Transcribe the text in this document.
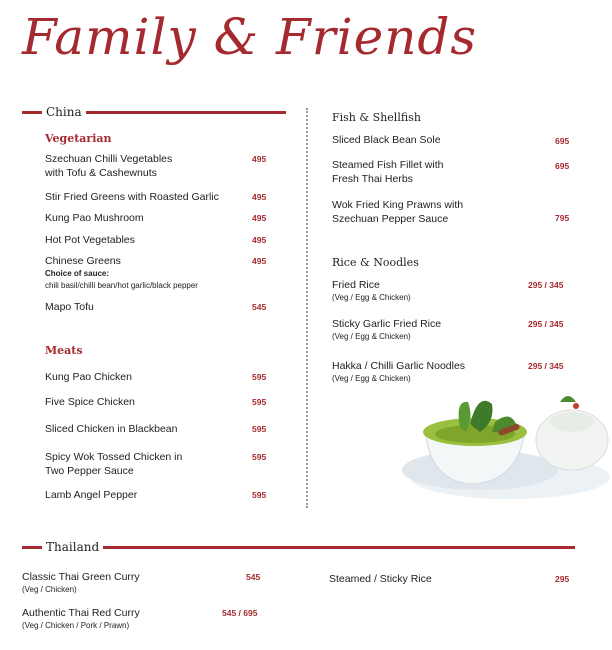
Family & Friends
China
Vegetarian
Szechuan Chilli Vegetables
with Tofu & Cashewnuts
495
Stir Fried Greens with Roasted Garlic	495
Kung Pao Mushroom	495
Hot Pot Vegetables	495
Chinese Greens
Choice of sauce:
chili basil/chilli bean/hot garlic/black pepper
495
Mapo Tofu	545
Meats
Kung Pao Chicken	595
Five Spice Chicken	595
Sliced Chicken in Blackbean	595
Spicy Wok Tossed Chicken in
Two Pepper Sauce
595
Lamb Angel Pepper	595
Fish & Shellfish
Sliced Black Bean Sole	695
Steamed Fish Fillet with
Fresh Thai Herbs
695
Wok Fried King Prawns with
Szechuan Pepper Sauce	795
Rice & Noodles
Fried Rice
(Veg / Egg & Chicken)
295 / 345
Sticky Garlic Fried Rice
(Veg / Egg & Chicken)
295 / 345
Hakka / Chilli Garlic Noodles
(Veg / Egg & Chicken)
295 / 345
Thailand
Classic Thai Green Curry
(Veg / Chicken)
545
Authentic Thai Red Curry
(Veg / Chicken / Pork / Prawn)
545 / 695
Steamed / Sticky Rice	295
